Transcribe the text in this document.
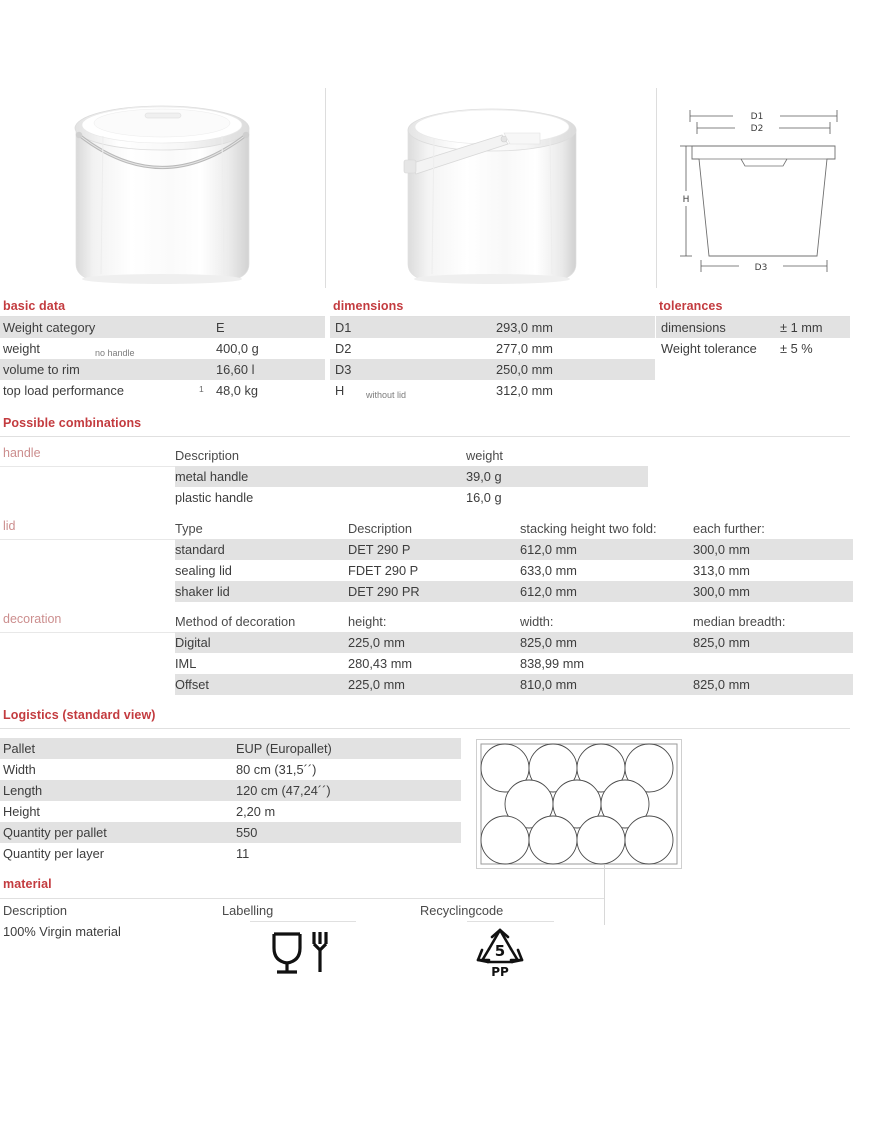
D1
D2
D3
H
basic data
Weight category	E
weight	no handle	400,0 g
volume to rim	16,60 l
top load performance	1 48,0 kg
dimensions
D1	293,0 mm
D2	277,0 mm
D3	250,0 mm
H without lid	312,0 mm
tolerances
dimensions	± 1 mm
Weight tolerance ± 5 %
Possible combinations
handle	Description	weight
metal handle	39,0 g
plastic handle	16,0 g
lid	Type	Description	stacking height two fold:	each further:
standard	DET 290 P	612,0 mm	300,0 mm
sealing lid	FDET 290 P	633,0 mm	313,0 mm
shaker lid	DET 290 PR	612,0 mm	300,0 mm
decoration	Method of decoration	height:	width:	median breadth:
Digital	225,0 mm	825,0 mm	825,0 mm
IML	280,43 mm	838,99 mm
Offset	225,0 mm	810,0 mm	825,0 mm
Logistics (standard view)
Pallet	EUP (Europallet)
Width	80 cm (31,5´´)
Length	120 cm (47,24´´)
Height	2,20 m
Quantity per pallet	550
Quantity per layer	11
material
Description	Labelling	Recyclingcode
100% Virgin material
5
PP
